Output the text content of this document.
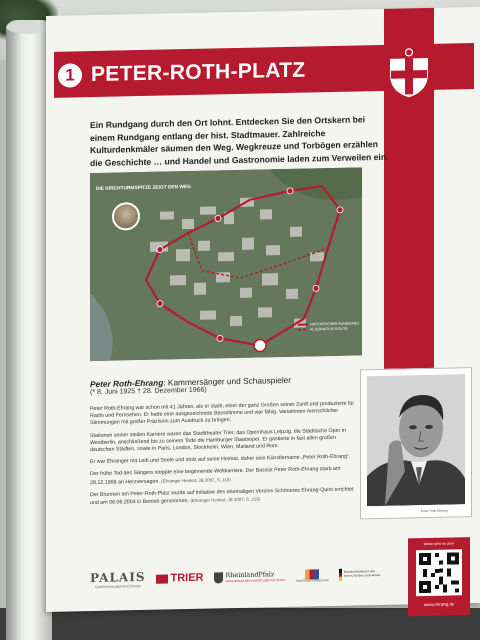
1 PETER-ROTH-PLATZ
Ein Rundgang durch den Ort lohnt. Entdecken Sie den Ortskern bei einem Rundgang entlang der hist. Stadtmauer. Zahlreiche Kulturdenkmäler säumen den Weg. Wegkreuze und Torbögen erzählen die Geschichte … und Handel und Gastronomie laden zum Verweilen ein.
DIE KIRCHTURMSPITZE ZEIGT DEN WEG
HISTORISCHER RUNDGANG
ALTERNATIVE ROUTE
Peter Roth-Ehrang: Kammersänger und Schauspieler
(* 8. Juni 1925 † 28. Dezember 1966)

Peter Roth-Ehrang war schon mit 41 Jahren, als er starb, einer der ganz Großen seiner Zunft und produzierte für Radio und Fernsehen. Er hatte eine ausgezeichnete Bassstimme und war fähig, Variationen menschlicher Stimmungen mit großer Präzision zum Ausdruck zu bringen.

Stationen seiner steilen Karriere waren das Stadttheater Trier, das Opernhaus Leipzig, die Städtische Oper in Westberlin, anschließend bis zu seinem Tode die Hamburger Staatsoper. Er gastierte in fast allen großen deutschen Städten, sowie in Paris, London, Stockholm, Wien, Mailand und Rom.

Er war Ehranger mit Leib und Seele und stolz auf seine Heimat, daher sein Künstlername „Peter Roth-Ehrang“.

Der frühe Tod des Sängers stoppte eine beginnende Weltkarriere. Der Bassist Peter Roth-Ehrang starb am 28.12.1966 an Herzversagen. (Ehranger Heimat, JB 2007, S. 110)

Der Brunnen am Peter-Roth-Platz wurde auf Initiative des ehemaligen Vereins Schöneres Ehrang-Quint errichtet und am 06.06.2004 in Betrieb genommen. (Ehranger Heimat, JB 2007, S. 216)

Peter Roth-Ehrang
PALAIS
Quartiersmanagement Ehrang
TRIER	RheinlandPfalz
MINISTERIUM DES INNERN UND FÜR SPORT	STÄDTEBAU-FÖRDERUNG
Bundesministerium des Innern, für Bau und Heimat
Weiter geht es unter
www.ehrang.de
